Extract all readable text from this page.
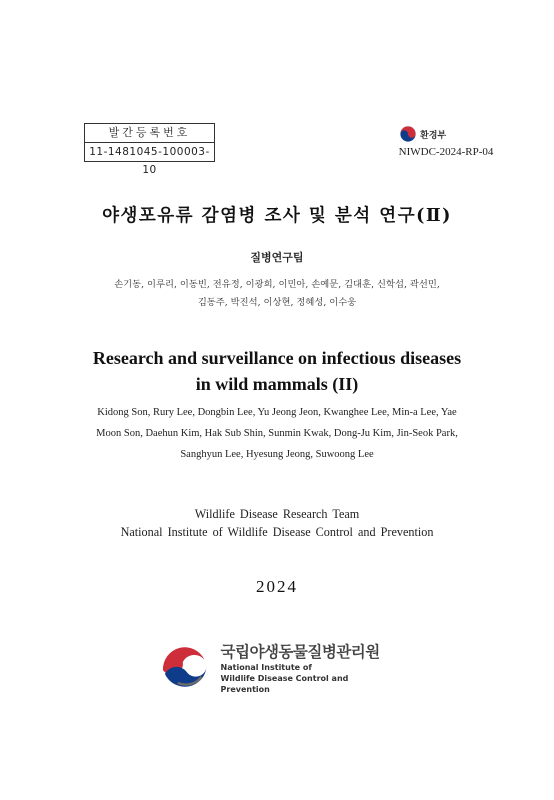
발간등록번호
11-1481045-100003-10
환경부
NIWDC-2024-RP-04
야생포유류 감염병 조사 및 분석 연구(Ⅱ)
질병연구팀
손기동, 이루리, 이동빈, 전유정, 이광희, 이민아, 손예문, 김대훈, 신학섭, 곽선민,
김동주, 박진석, 이상현, 정혜성, 이수웅
Research and surveillance on infectious diseases
in wild mammals (II)
Kidong Son, Rury Lee, Dongbin Lee, Yu Jeong Jeon, Kwanghee Lee, Min-a Lee, Yae
Moon Son, Daehun Kim, Hak Sub Shin, Sunmin Kwak, Dong-Ju Kim, Jin-Seok Park,
Sanghyun Lee, Hyesung Jeong, Suwoong Lee
Wildlife Disease Research Team
National Institute of Wildlife Disease Control and Prevention
2024
국립야생동물질병관리원
National Institute of
Wildlife Disease Control and Prevention
